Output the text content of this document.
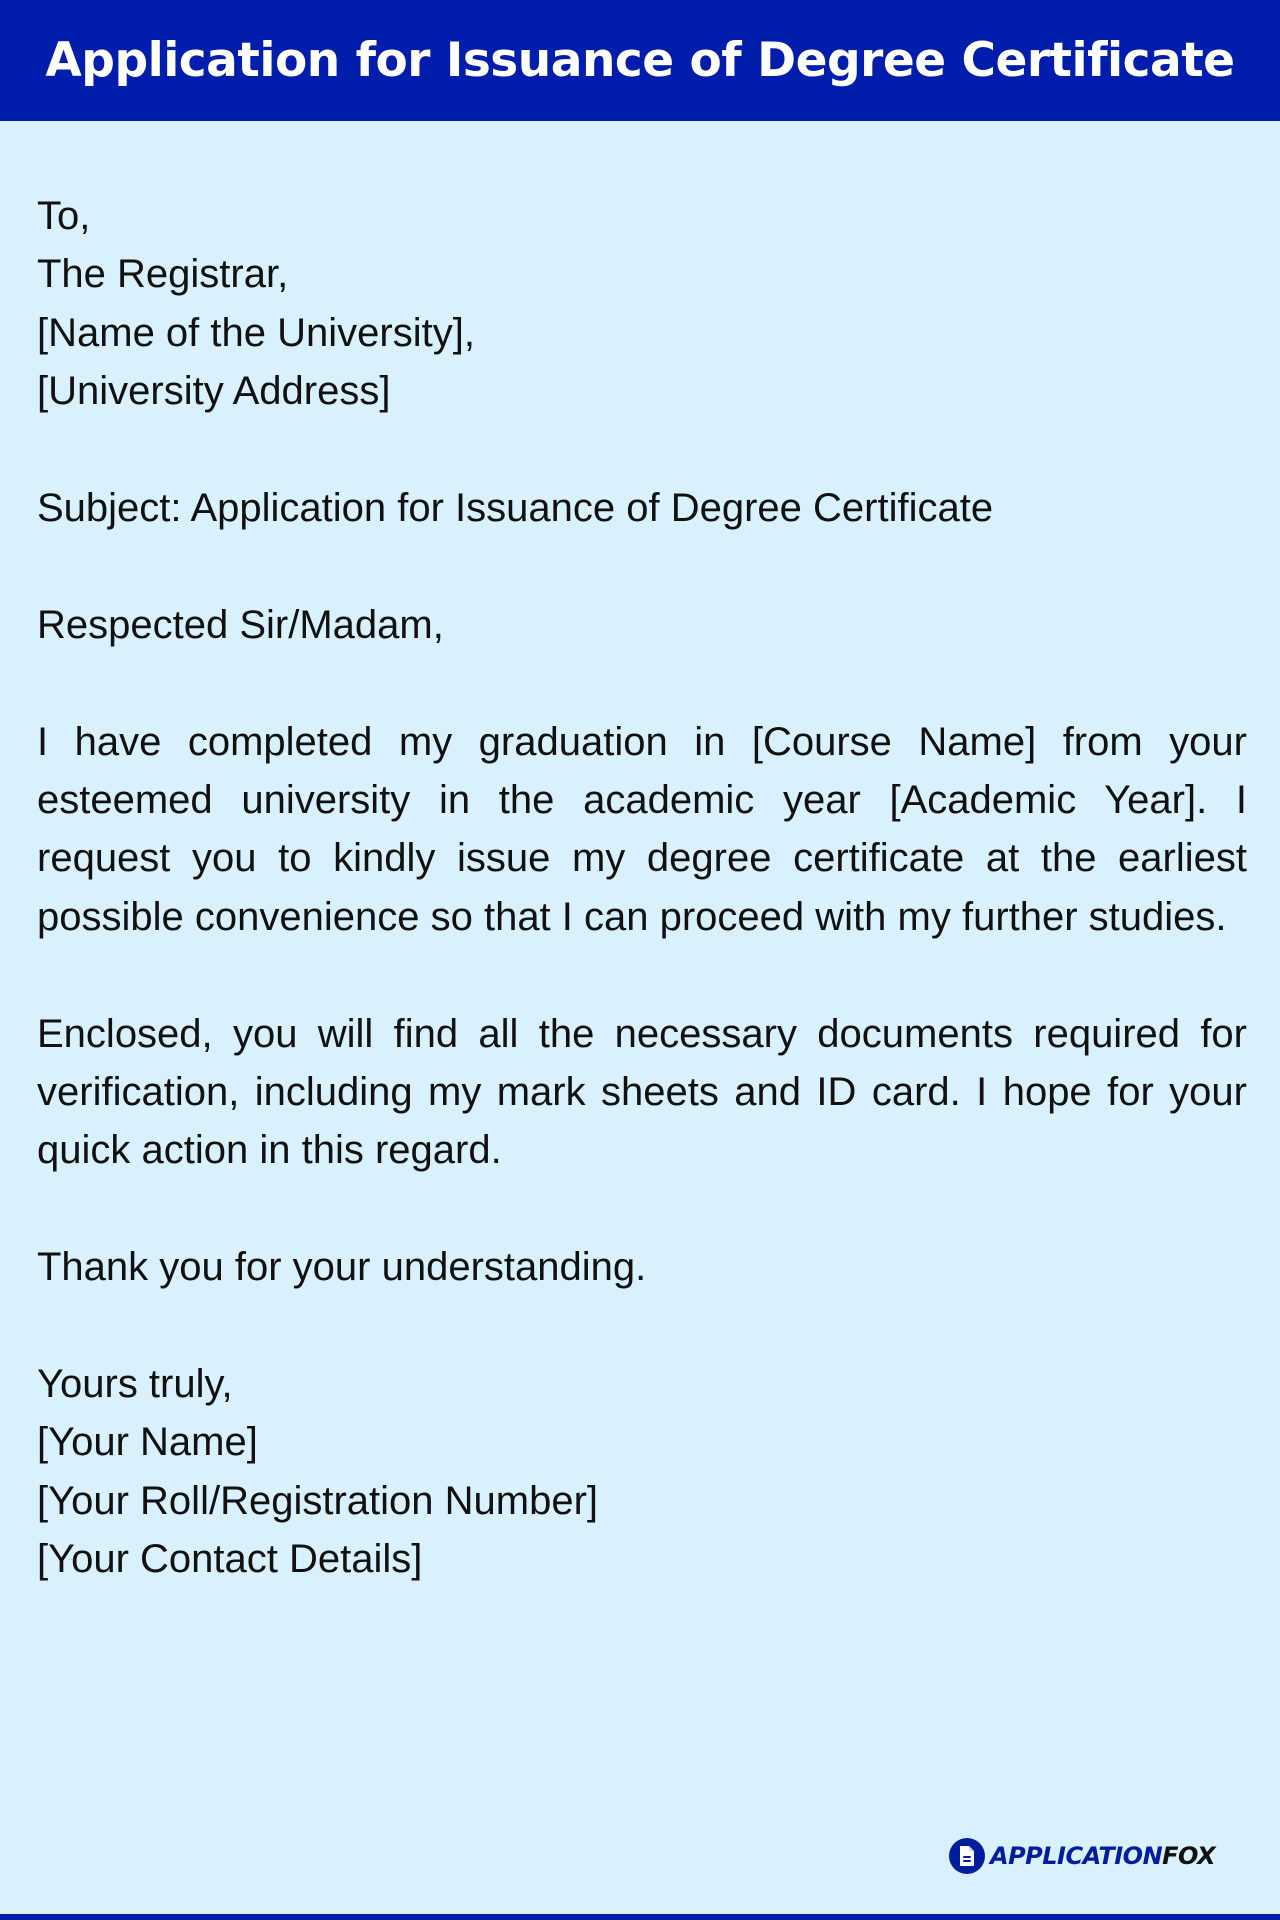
Application for Issuance of Degree Certificate
To,
The Registrar,
[Name of the University],
[University Address]
Subject: Application for Issuance of Degree Certificate
Respected Sir/Madam,

I have completed my graduation in [Course Name] from your esteemed university in the academic year [Academic Year]. I request you to kindly issue my degree certificate at the earliest possible convenience so that I can proceed with my further studies.

Enclosed, you will find all the necessary documents required for verification, including my mark sheets and ID card. I hope for your quick action in this regard.

Thank you for your understanding.
Yours truly,
[Your Name]
[Your Roll/Registration Number]
[Your Contact Details]
APPLICATIONFOX
